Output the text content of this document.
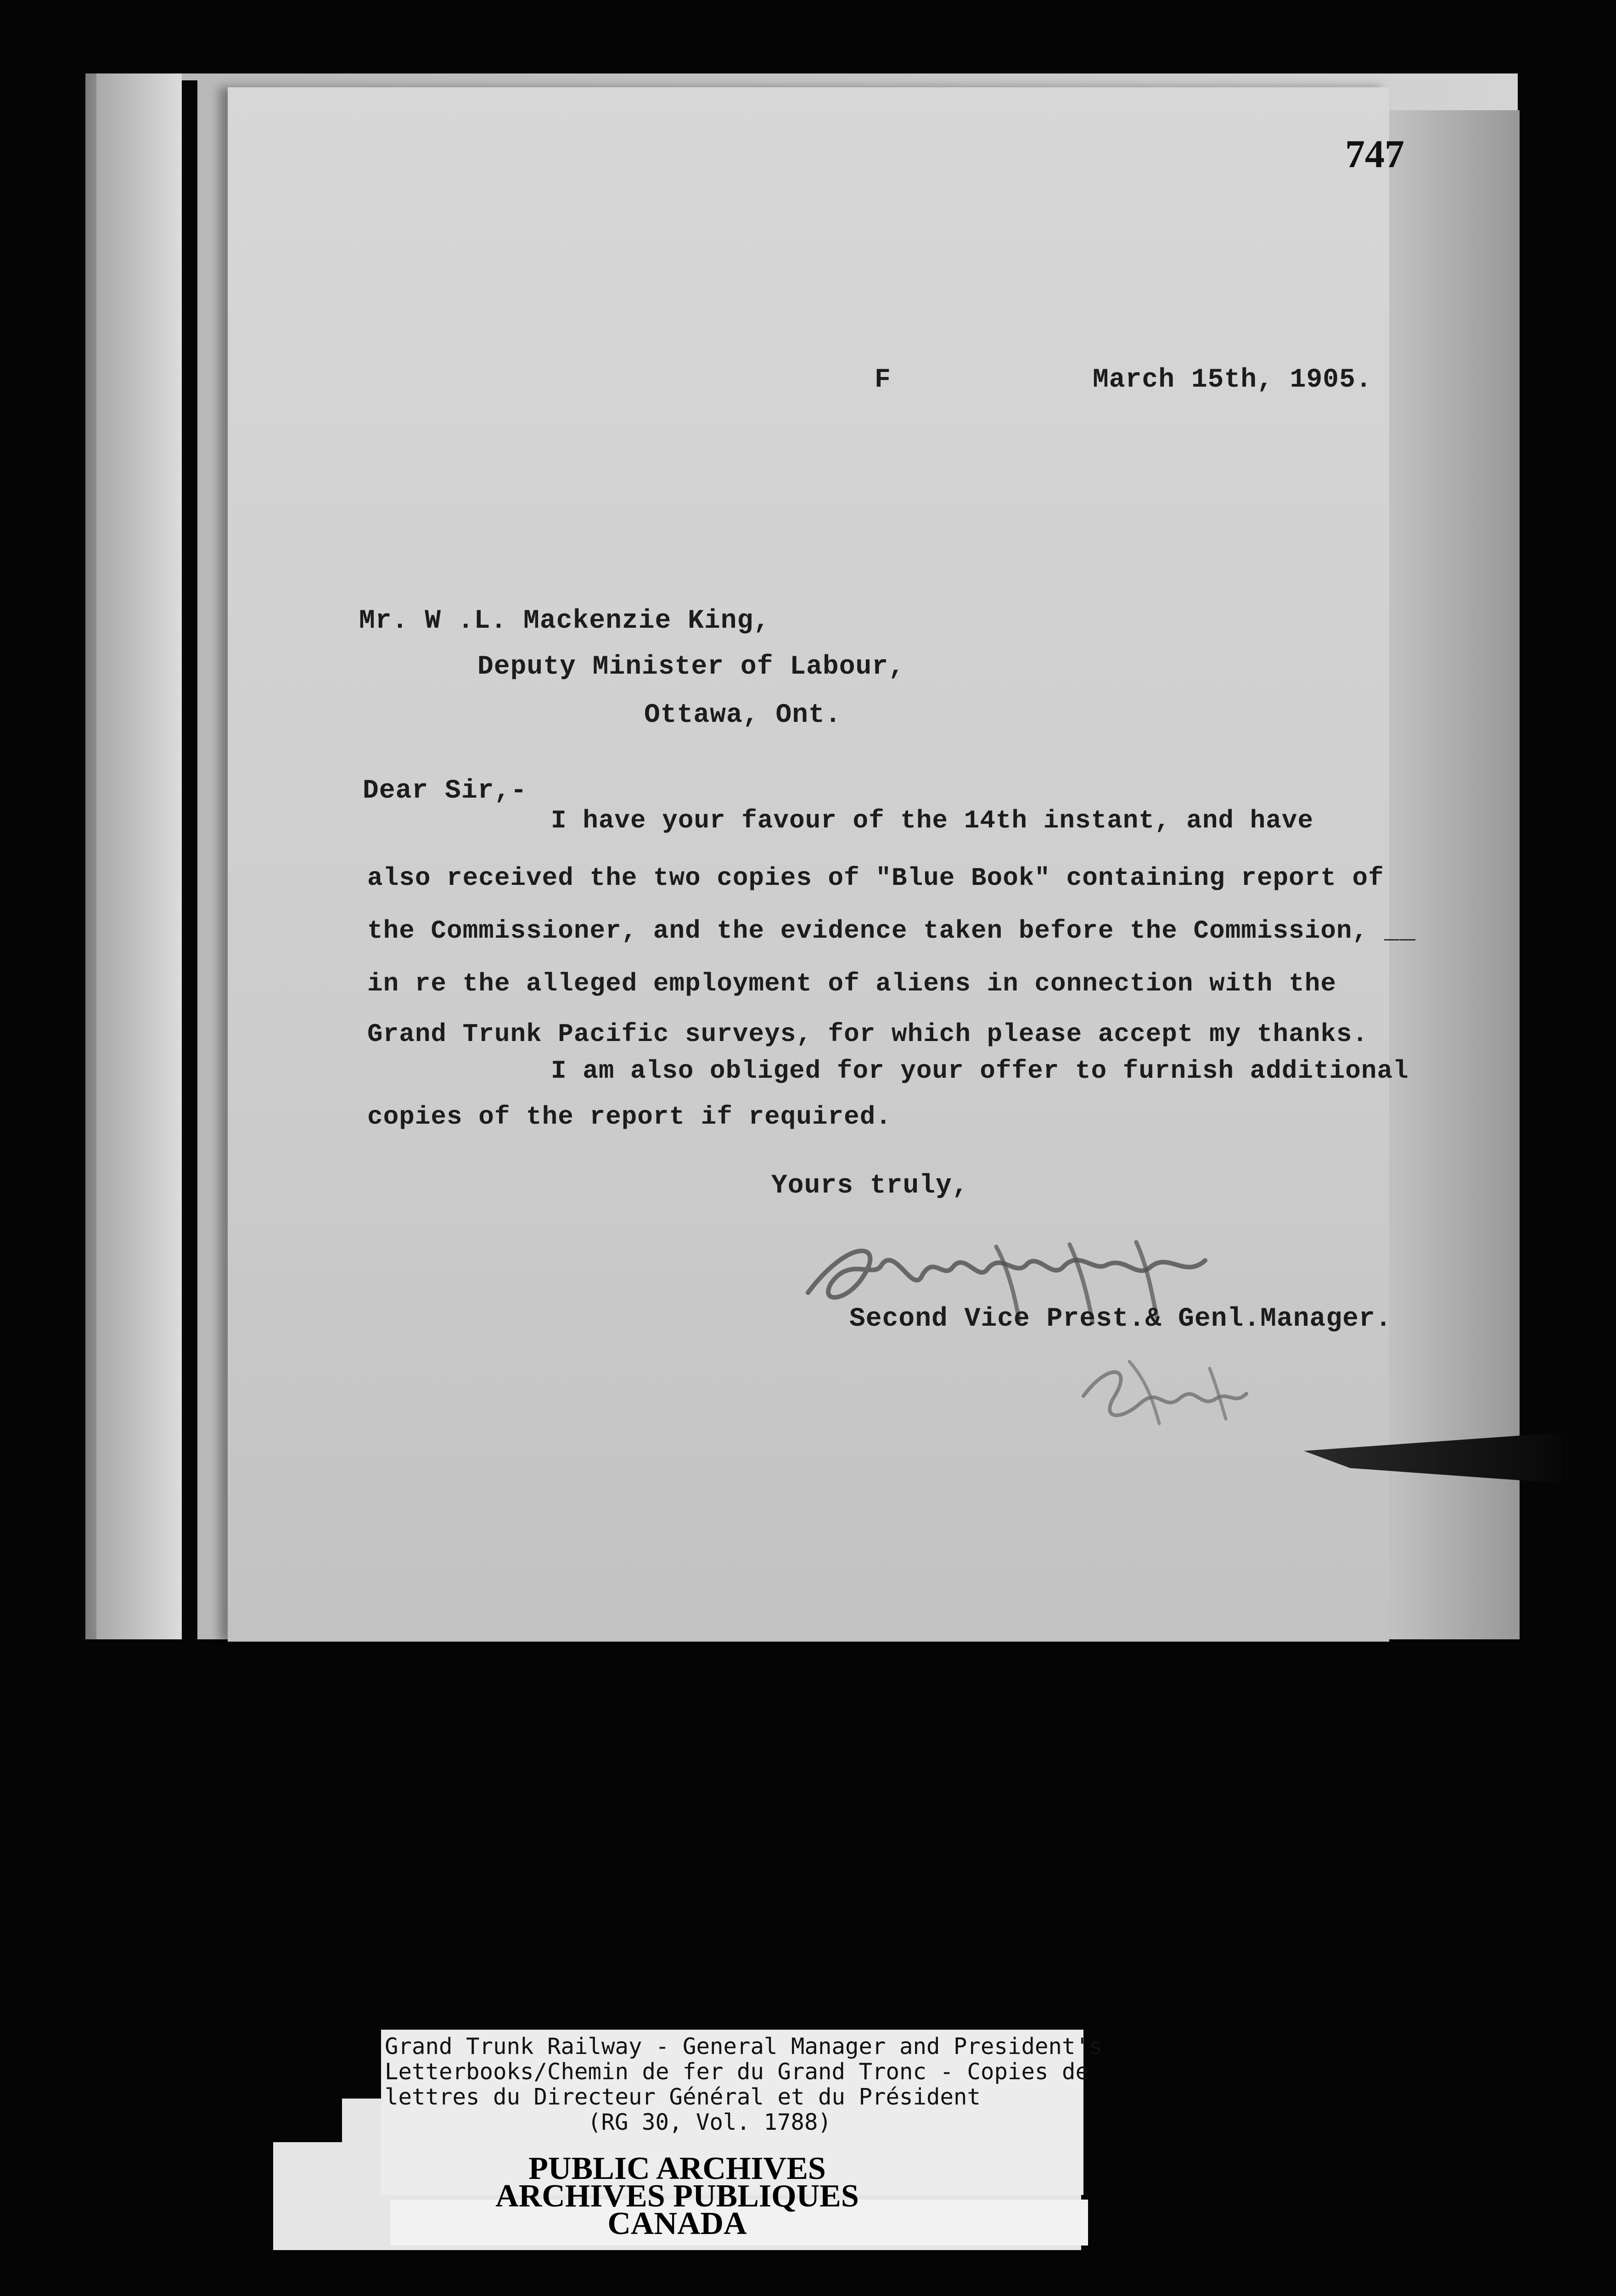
747
F	March 15th, 1905.
Mr. W .L. Mackenzie King,
Deputy Minister of Labour,
Ottawa, Ont.
Dear Sir,-
I have your favour of the 14th instant, and have
also received the two copies of "Blue Book" containing report of
the Commissioner, and the evidence taken before the Commission, __
in re the alleged employment of aliens in connection with the
Grand Trunk Pacific surveys, for which please accept my thanks.
I am also obliged for your offer to furnish additional
copies of the report if required.
Yours truly,
Second Vice Prest.& Genl.Manager.
Grand Trunk Railway - General Manager and President's
Letterbooks/Chemin de fer du Grand Tronc - Copies de
lettres du Directeur Général et du Président
(RG 30, Vol. 1788)
PUBLIC ARCHIVES
ARCHIVES PUBLIQUES
CANADA
